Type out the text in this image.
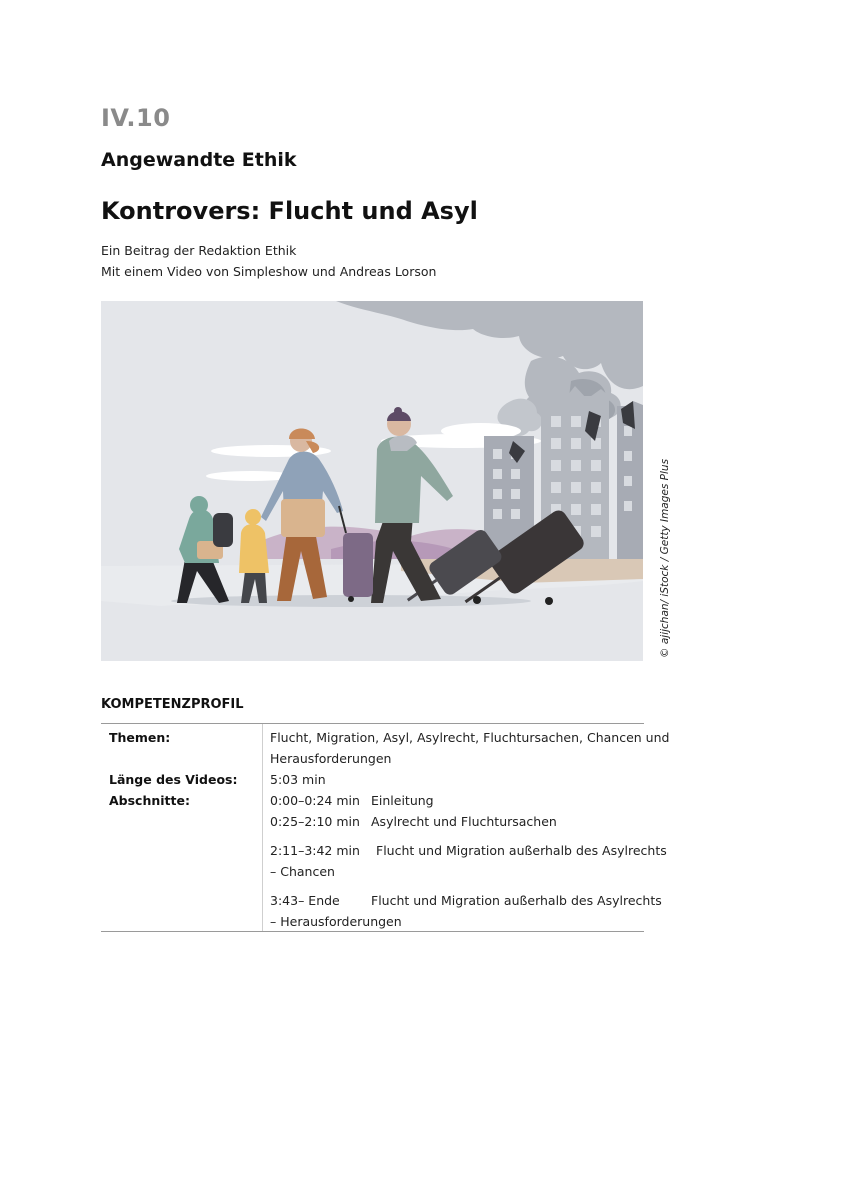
IV.10
Angewandte Ethik
Kontrovers: Flucht und Asyl
Ein Beitrag der Redaktion Ethik
Mit einem Video von Simpleshow und Andreas Lorson
© ajijchan/ iStock / Getty Images Plus
KOMPETENZPROFIL
Themen:	Flucht, Migration, Asyl, Asylrecht, Fluchtursachen, Chancen und
Herausforderungen
Länge des Videos:	5:03 min
Abschnitte:	0:00–0:24 min Einleitung
0:25–2:10 min Asylrecht und Fluchtursachen
2:11–3:42 min Flucht und Migration außerhalb des Asylrechts
– Chancen
3:43– Ende	Flucht und Migration außerhalb des Asylrechts
– Herausforderungen
